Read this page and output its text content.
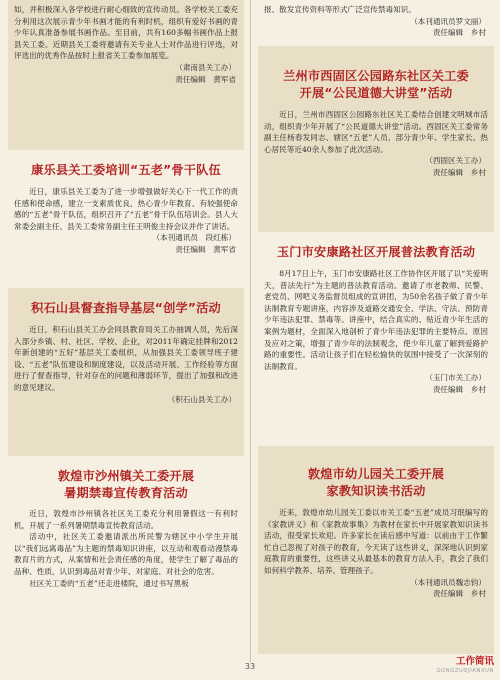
如，并积极深入各学校进行耐心细致的宣传动员。各学校关工委充分利用这次展示青少年书画才能的有利时机，组织有爱好书画的青少年认真准备参展书画作品。至目前，共有160多幅书画作品上报县关工委。近期县关工委将邀请有关专业人士对作品进行评选，对评选出的优秀作品按时上报省关工委参加展览。

（肃南县关工办）

责任编辑　黄军省

康乐县关工委培训“五老”骨干队伍

近日，康乐县关工委为了进一步增强做好关心下一代工作的责任感和使命感，建立一支素质优良、热心青少年教育、有较强使命感的“五老”骨干队伍，组织召开了“五老”骨干队伍培训会。县人大常委会副主任、县关工委常务副主任王明俊主持会议并作了讲话。

（本刊通讯员　段红栋）

责任编辑　黄军省

积石山县督查指导基层“创学”活动

近日，积石山县关工办会同县教育局关工办抽调人员，先后深入部分乡镇、村、社区、学校、企业，对2011年确定挂牌和2012年新创建的“五好”基层关工委组织，从加强县关工委领导班子建设、“五老”队伍建设和制度建设，以及活动开展、工作经验等方面进行了督查指导，针对存在的问题和薄弱环节，提出了加强和改进的意见建议。

（积石山县关工办）

敦煌市沙州镇关工委开展
暑期禁毒宣传教育活动

近日，敦煌市沙州镇各社区关工委充分利用暑假这一有利时机，开展了一系列暑期禁毒宣传教育活动。

活动中，社区关工委邀请派出所民警为辖区中小学生开展以“我们远离毒品”为主题的禁毒知识讲座，以互动和观看动漫禁毒教育片的方式，从案情和社会责任感的角度，使学生了解了毒品的品种、性质，认识到毒品对青少年、对家庭、对社会的危害。

社区关工委的“五老”还走进楼院，通过书写黑板

报、散发宣传资料等形式广泛宣传禁毒知识。

（本刊通讯员罗文丽）

责任编辑　乡村

兰州市西固区公园路东社区关工委
开展“公民道德大讲堂”活动

近日，兰州市西固区公园路东社区关工委结合创建文明城市活动，组织青少年开展了“公民道德大讲堂”活动。西固区关工委常务副主任杨春发同志、辖区“五老”人员、部分青少年、学生家长、热心居民等近40余人参加了此次活动。

（西固区关工办）

责任编辑　乡村

玉门市安康路社区开展普法教育活动

8月17日上午，玉门市安康路社区工作协作区开展了以“关爱明天，普法先行”为主题的普法教育活动。邀请了市老教师、民警、老党员、网吧义务监督员组成的宣讲团，为50余名孩子做了青少年法制教育专题讲座，内容涉及道路交通安全、学法、守法、预防青少年违法犯罪、禁毒等。讲座中，结合真实的、贴近青少年生活的案例为题材，全面深入地剖析了青少年违法犯罪的主要特点、原因及应对之策，增强了青少年的法制观念，使少年儿童了解到爱路护路的重要性。活动让孩子们在轻松愉快的氛围中接受了一次深刻的法制教育。

（玉门市关工办）

责任编辑　乡村

敦煌市幼儿园关工委开展
家教知识读书活动

近来，敦煌市幼儿园关工委以市关工委“五老”成员习珉编写的《家教讲义》和《家教故事集》为教材在家长中开展家教知识读书活动，很受家长欢迎。许多家长在读后感中写道：以前由于工作繁忙自己忽视了对孩子的教育，今天读了这些讲义，深深地认识到家庭教育的重要性，这些讲义从最基本的教育方法入手，教会了我们如何科学教养、培养、管理孩子。

（本刊通讯员魏志钧）

责任编辑　乡村

33	工作简讯
GONGZUOJIANXUN
